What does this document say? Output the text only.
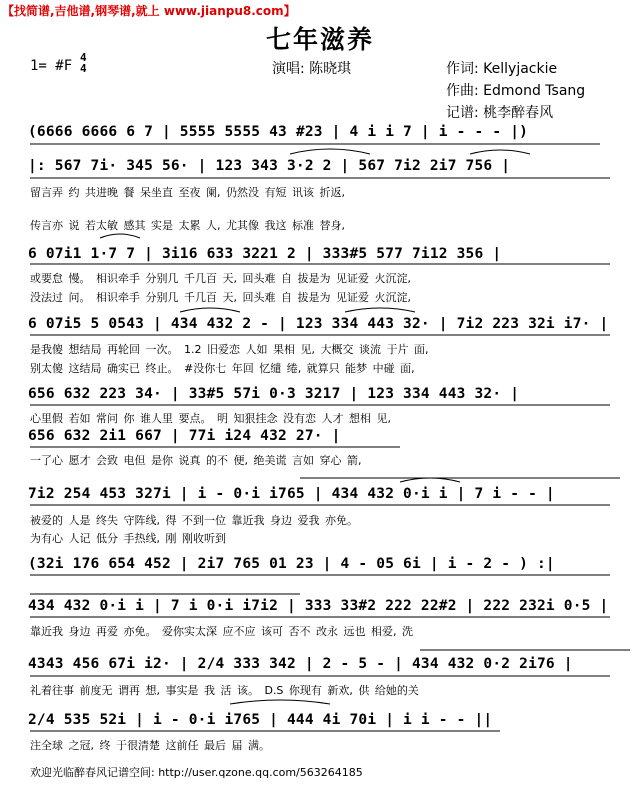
【找简谱,吉他谱,钢琴谱,就上 www.jianpu8.com】
七年滋养
1= #F
4
4	演唱: 陈晓琪	作词: Kellyjackie
作曲: Edmond Tsang
记谱: 桃李醉春风
(6666 6666 6 7 | 5555 5555 43 #23 | 4 i i 7 | i - - - |)
|: 567 7i· 345 56· | 123 343 3·2 2 | 567 7i2 2i7 756 |
留言弄 约 共进晚 餐 呆坐直 至夜 阑, 仍然没 有短 讯该 折返,
传言亦 说 若太敏 感其 实是 太累 人, 尤其像 我这 标准 替身,
6 07i1 1·7 7 | 3i16 633 3221 2 | 333#5 577 7i12 356 |
或要怠 慢。 相识牵手 分别几 千几百 天, 回头难 自 拔是为 见证爱 火沉淀,
没法过 问。 相识牵手 分别几 千几百 天, 回头难 自 拔是为 见证爱 火沉淀,
6 07i5 5 0543 | 434 432 2 - | 123 334 443 32· | 7i2 223 32i i7· |
是我傻 想结局 再轮回 一次。 1.2 旧爱恋 人如 果相 见, 大概交 谈流 于片 面,
别太傻 这结局 确实已 终止。 #没你七 年回 忆缱 绻, 就算只 能梦 中碰 面,
656 632 223 34· | 33#5 57i 0·3 3217 | 123 334 443 32· |
心里假 若如 常问 你 谁人里 要点。 明 知狠挂念 没有恋 人才 想相 见,
656 632 2i1 667 | 77i i24 432 27· |
一了心 愿才 会致 电但 是你 说真 的不 便, 绝美谎 言如 穿心 箭,
7i2 254 453 327i | i - 0·i i765 | 434 432 0·i i | 7 i - - |
被爱的 人是 终失 守阵线, 得 不到一位 靠近我 身边 爱我 亦免。
为有心 人记 低分 手热线, 刚 刚收听到
(32i 176 654 452 | 2i7 765 01 23 | 4 - 05 6i | i - 2 - ) :|
434 432 0·i i | 7 i 0·i i7i2 | 333 33#2 222 22#2 | 222 232i 0·5 |
靠近我 身边 再爱 亦免。 爱你实太深 应不应 该可 否不 改永 远也 相爱, 洗
4343 456 67i i2· | 2/4 333 342 | 2 - 5 - | 434 432 0·2 2i76 |
礼着往事 前度无 谓再 想, 事实是 我 活 该。 D.S 你现有 新欢, 供 给她的关
2/4 535 52i | i - 0·i i765 | 444 4i 70i | i i - - ||
注全球 之冠, 终 于很清楚 这前任 最后 届 满。
欢迎光临醉春风记谱空间: http://user.qzone.qq.com/563264185
